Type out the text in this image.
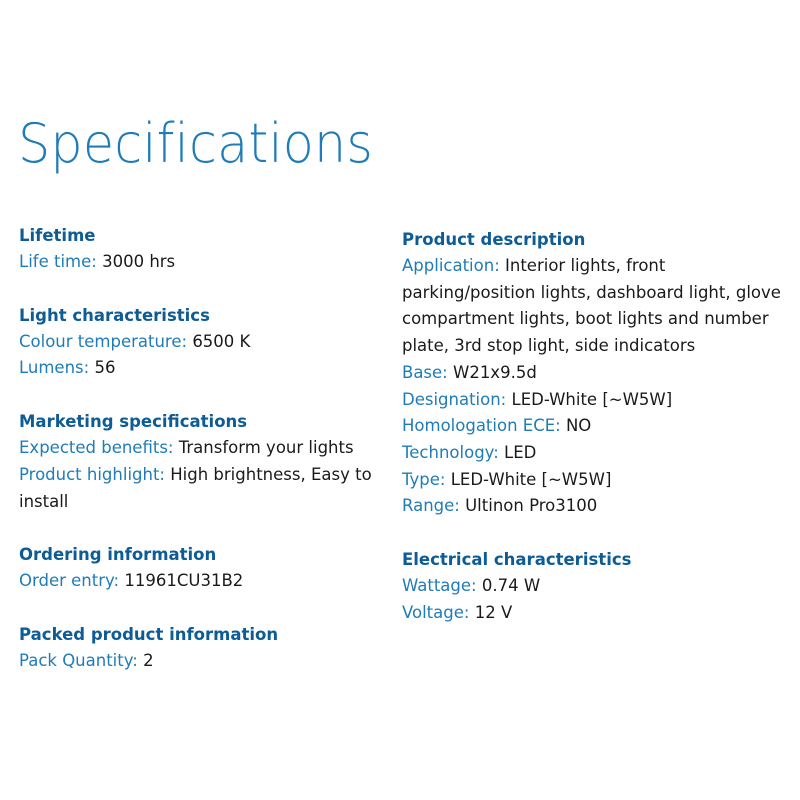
Specifications
Lifetime
Life time: 3000 hrs
Light characteristics
Colour temperature: 6500 K
Lumens: 56
Marketing specifications
Expected benefits: Transform your lights
Product highlight: High brightness, Easy to install
Ordering information
Order entry: 11961CU31B2
Packed product information
Pack Quantity: 2
Product description
Application: Interior lights, front parking/position lights, dashboard light, glove compartment lights, boot lights and number plate, 3rd stop light, side indicators
Base: W21x9.5d
Designation: LED-White [~W5W]
Homologation ECE: NO
Technology: LED
Type: LED-White [~W5W]
Range: Ultinon Pro3100
Electrical characteristics
Wattage: 0.74 W
Voltage: 12 V
